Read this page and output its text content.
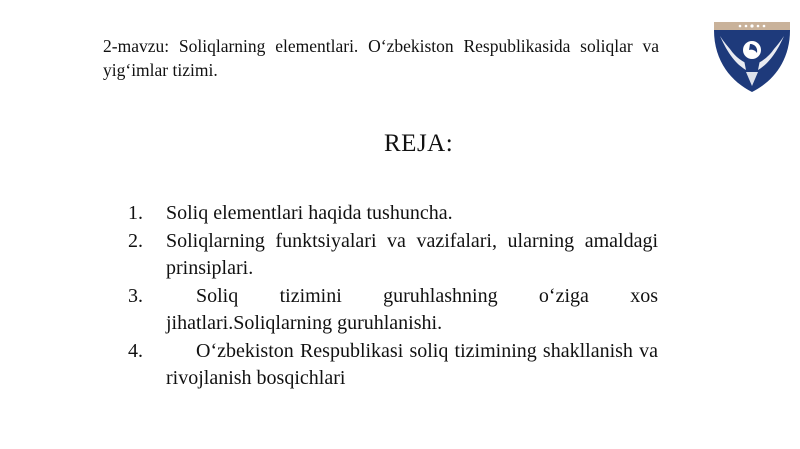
2-mavzu: Soliqlarning elementlari. O‘zbekiston Respublikasida soliqlar va yig‘imlar tizimi.

REJA:
1.	Soliq elementlari haqida tushuncha.
2.	Soliqlarning funktsiyalari va vazifalari, ularning amaldagi prinsiplari.
3.	Soliq tizimini guruhlashning o‘ziga xos jihatlari.Soliqlarning guruhlanishi.
4.	O‘zbekiston Respublikasi soliq tizimining shakllanish va rivojlanish bosqichlari
